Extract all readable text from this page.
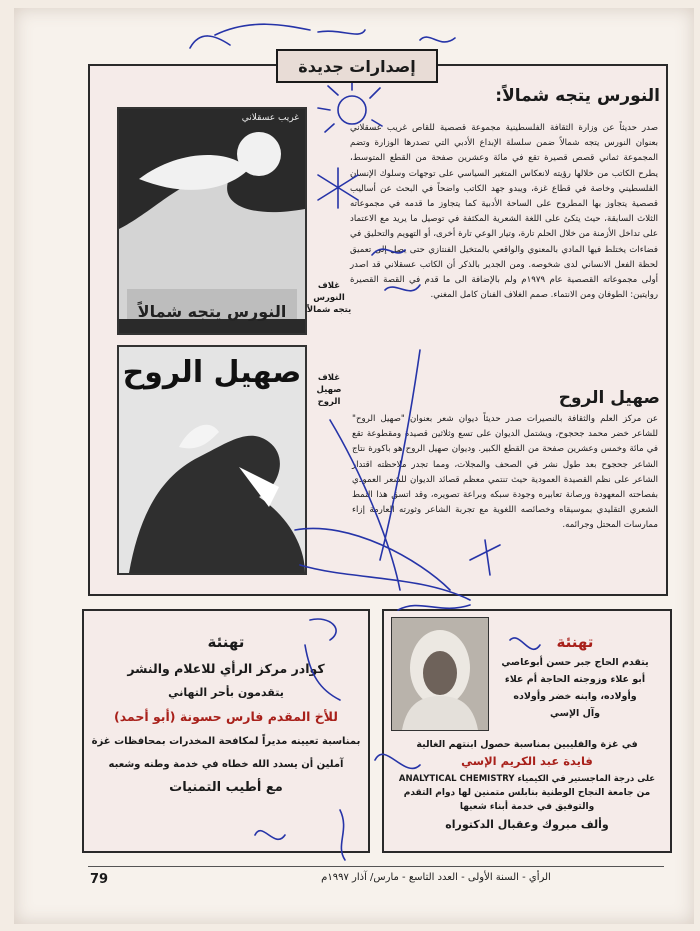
إصدارات جديدة
غريب عسقلاني
النورس يتجه شمالاً
غلاف النورس يتجه شمالاً
صهيل الروح	غلاف صهيل الروح
النورس يتجه شمالاً:
صدر حديثاً عن وزارة الثقافة الفلسطينية مجموعة قصصية للقاص غريب عسقلاني بعنوان النورس يتجه شمالاً ضمن سلسلة الإبداع الأدبي التي تصدرها الوزارة وتضم المجموعة ثماني قصص قصيرة تقع في مائة وعشرين صفحة من القطع المتوسط، يطرح الكاتب من خلالها رؤيته لانعكاس المتغير السياسي على توجهات وسلوك الإنسان الفلسطيني وخاصة في قطاع غزة، ويبدو جهد الكاتب واضحاً في البحث عن أساليب قصصية يتجاوز بها المطروح على الساحة الأدبية كما يتجاوز ما قدمه في مجموعاته الثلاث السابقة، حيث يتكئ على اللغة الشعرية المكثفة في توصيل ما يريد مع الاعتماد على تداخل الأزمنة من خلال الحلم تارة، وتيار الوعي تارة أخرى، أو التهويم والتحليق في فضاءات يختلط فيها المادي بالمعنوي والواقعي بالمتخيل الفنتازي حتى يصل إلى تعميق لحظة الفعل الانساني لدى شخوصه. ومن الجدير بالذكر أن الكاتب عسقلاني قد اصدر أولى مجموعاته القصصية عام ١٩٧٩م ولم بالإضافة الى ما قدم في القصة القصيرة روايتين: الطوفان ومن الانتماء. صمم الغلاف الفنان كامل المغني.
صهيل الروح
عن مركز العلم والثقافة بالنصيرات صدر حديثاً ديوان شعر بعنوان "صهيل الروح" للشاعر خضر محمد جحجوح، ويشتمل الديوان على تسع وثلاثين قصيدة ومقطوعة تقع في مائة وخمس وعشرين صفحة من القطع الكبير. وديوان صهيل الروح هو باكورة نتاج الشاعر جحجوح بعد طول نشر في الصحف والمجلات، ومما تجدر ملاحظته اقتدار الشاعر على نظم القصيدة العمودية حيث تنتمي معظم قصائد الديوان للشعر العمودي بفصاحته المعهودة ورصانة تعابيره وجودة سبكه وبراعة تصويره، وقد اتسق هذا النمط الشعري التقليدي بموسيقاه وخصائصه اللغوية مع تجربة الشاعر وثورته العارمة إزاء ممارسات المحتل وجرائمه.
تهنئة
كوادر مركز الرأي للاعلام والنشر
يتقدمون بأحر التهاني
للأخ المقدم فارس حسونة (أبو أحمد)
بمناسبة تعيينه مديراً لمكافحة المخدرات بمحافظات غزة
آملين أن يسدد الله خطاه في خدمة وطنه وشعبه
مع أطيب التمنيات
تهنئة
يتقدم الحاج جبر حسن أبوعاصي
أبو علاء وزوجته الحاجة أم علاء
وأولاده، وابنه خضر وأولاده
وآل الإسي
في غزة والفليبين بمناسبة حصول ابنتهم الغالية
فايدة عبد الكريم الإسي
على درجة الماجستير في الكيمياء ANALYTICAL CHEMISTRY
من جامعة النجاح الوطنية بنابلس متمنين لها دوام التقدم
والتوفيق في خدمة أبناء شعبها
وألف مبروك وعقبال الدكتوراه
79	الرأي - السنة الأولى - العدد التاسع - مارس/ آذار ١٩٩٧م
